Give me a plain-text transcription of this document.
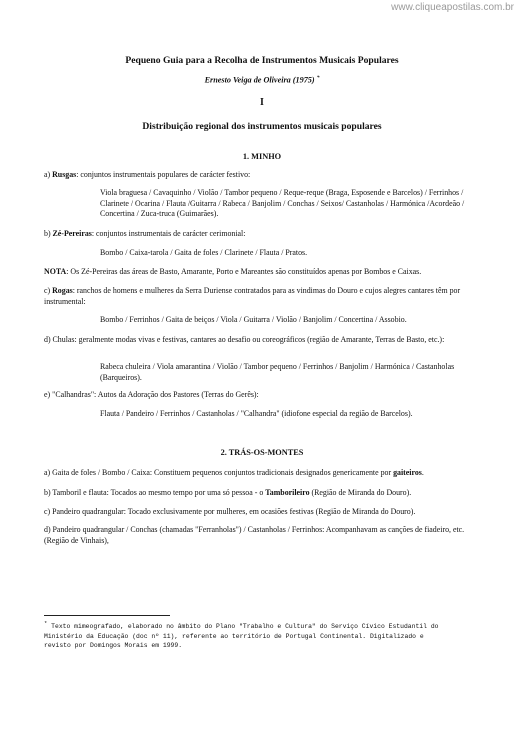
www.cliqueapostilas.com.br
Pequeno Guia para a Recolha de Instrumentos Musicais Populares
Ernesto Veiga de Oliveira (1975) *
I
Distribuição regional dos instrumentos musicais populares
1. MINHO
a) Rusgas: conjuntos instrumentais populares de carácter festivo:
Viola braguesa / Cavaquinho / Violão / Tambor pequeno / Reque-reque (Braga, Esposende e Barcelos) / Ferrinhos / Clarinete / Ocarina / Flauta /Guitarra / Rabeca / Banjolim / Conchas / Seixos/ Castanholas / Harmónica /Acordeão / Concertina / Zuca-truca (Guimarães).
b) Zé-Pereiras: conjuntos instrumentais de carácter cerimonial:
Bombo / Caixa-tarola / Gaita de foles / Clarinete / Flauta / Pratos.
NOTA: Os Zé-Pereiras das áreas de Basto, Amarante, Porto e Mareantes são constituídos apenas por Bombos e Caixas.
c) Rogas: ranchos de homens e mulheres da Serra Duriense contratados para as vindimas do Douro e cujos alegres cantares têm por instrumental:
Bombo / Ferrinhos / Gaita de beiços / Viola / Guitarra / Violão / Banjolim / Concertina / Assobio.
d) Chulas: geralmente modas vivas e festivas, cantares ao desafio ou coreográficos (região de Amarante, Terras de Basto, etc.):
Rabeca chuleira / Viola amarantina / Violão / Tambor pequeno / Ferrinhos / Banjolim / Harmónica / Castanholas (Barqueiros).
e) "Calhandras": Autos da Adoração dos Pastores (Terras do Gerês):
Flauta / Pandeiro / Ferrinhos / Castanholas / "Calhandra" (idiofone especial da região de Barcelos).
2. TRÁS-OS-MONTES
a) Gaita de foles / Bombo / Caixa: Constituem pequenos conjuntos tradicionais designados genericamente por gaiteiros.
b) Tamboril e flauta: Tocados ao mesmo tempo por uma só pessoa - o Tamborileiro (Região de Miranda do Douro).
c) Pandeiro quadrangular: Tocado exclusivamente por mulheres, em ocasiões festivas (Região de Miranda do Douro).
d) Pandeiro quadrangular / Conchas (chamadas "Ferranholas") / Castanholas / Ferrinhos: Acompanhavam as canções de fiadeiro, etc. (Região de Vinhais),
* Texto mimeografado, elaborado no âmbito do Plano "Trabalho e Cultura" do Serviço Cívico Estudantil do Ministério da Educação (doc nº 11), referente ao território de Portugal Continental. Digitalizado e revisto por Domingos Morais em 1999.
